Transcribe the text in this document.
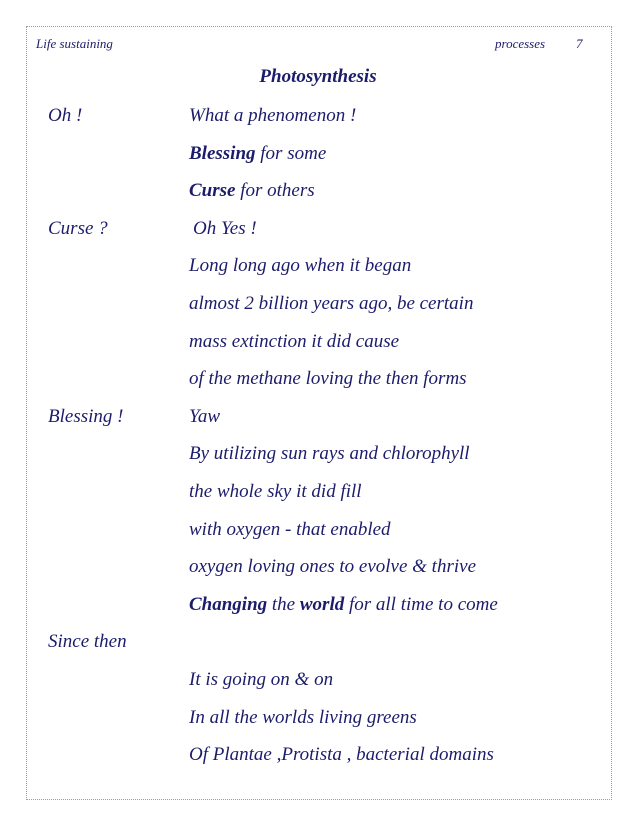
Life sustaining	processes 7
Photosynthesis
Oh !	What a phenomenon !
Blessing for some
Curse for others
Curse ?	Oh Yes !
Long long ago when it began
almost 2 billion years ago, be certain
mass extinction it did cause
of the methane loving the then forms
Blessing !	Yaw
By utilizing sun rays and chlorophyll
the whole sky it did fill
with oxygen - that enabled
oxygen loving ones to evolve & thrive
Changing the world for all time to come
Since then
It is going on & on
In all the worlds living greens
Of Plantae ,Protista , bacterial domains
